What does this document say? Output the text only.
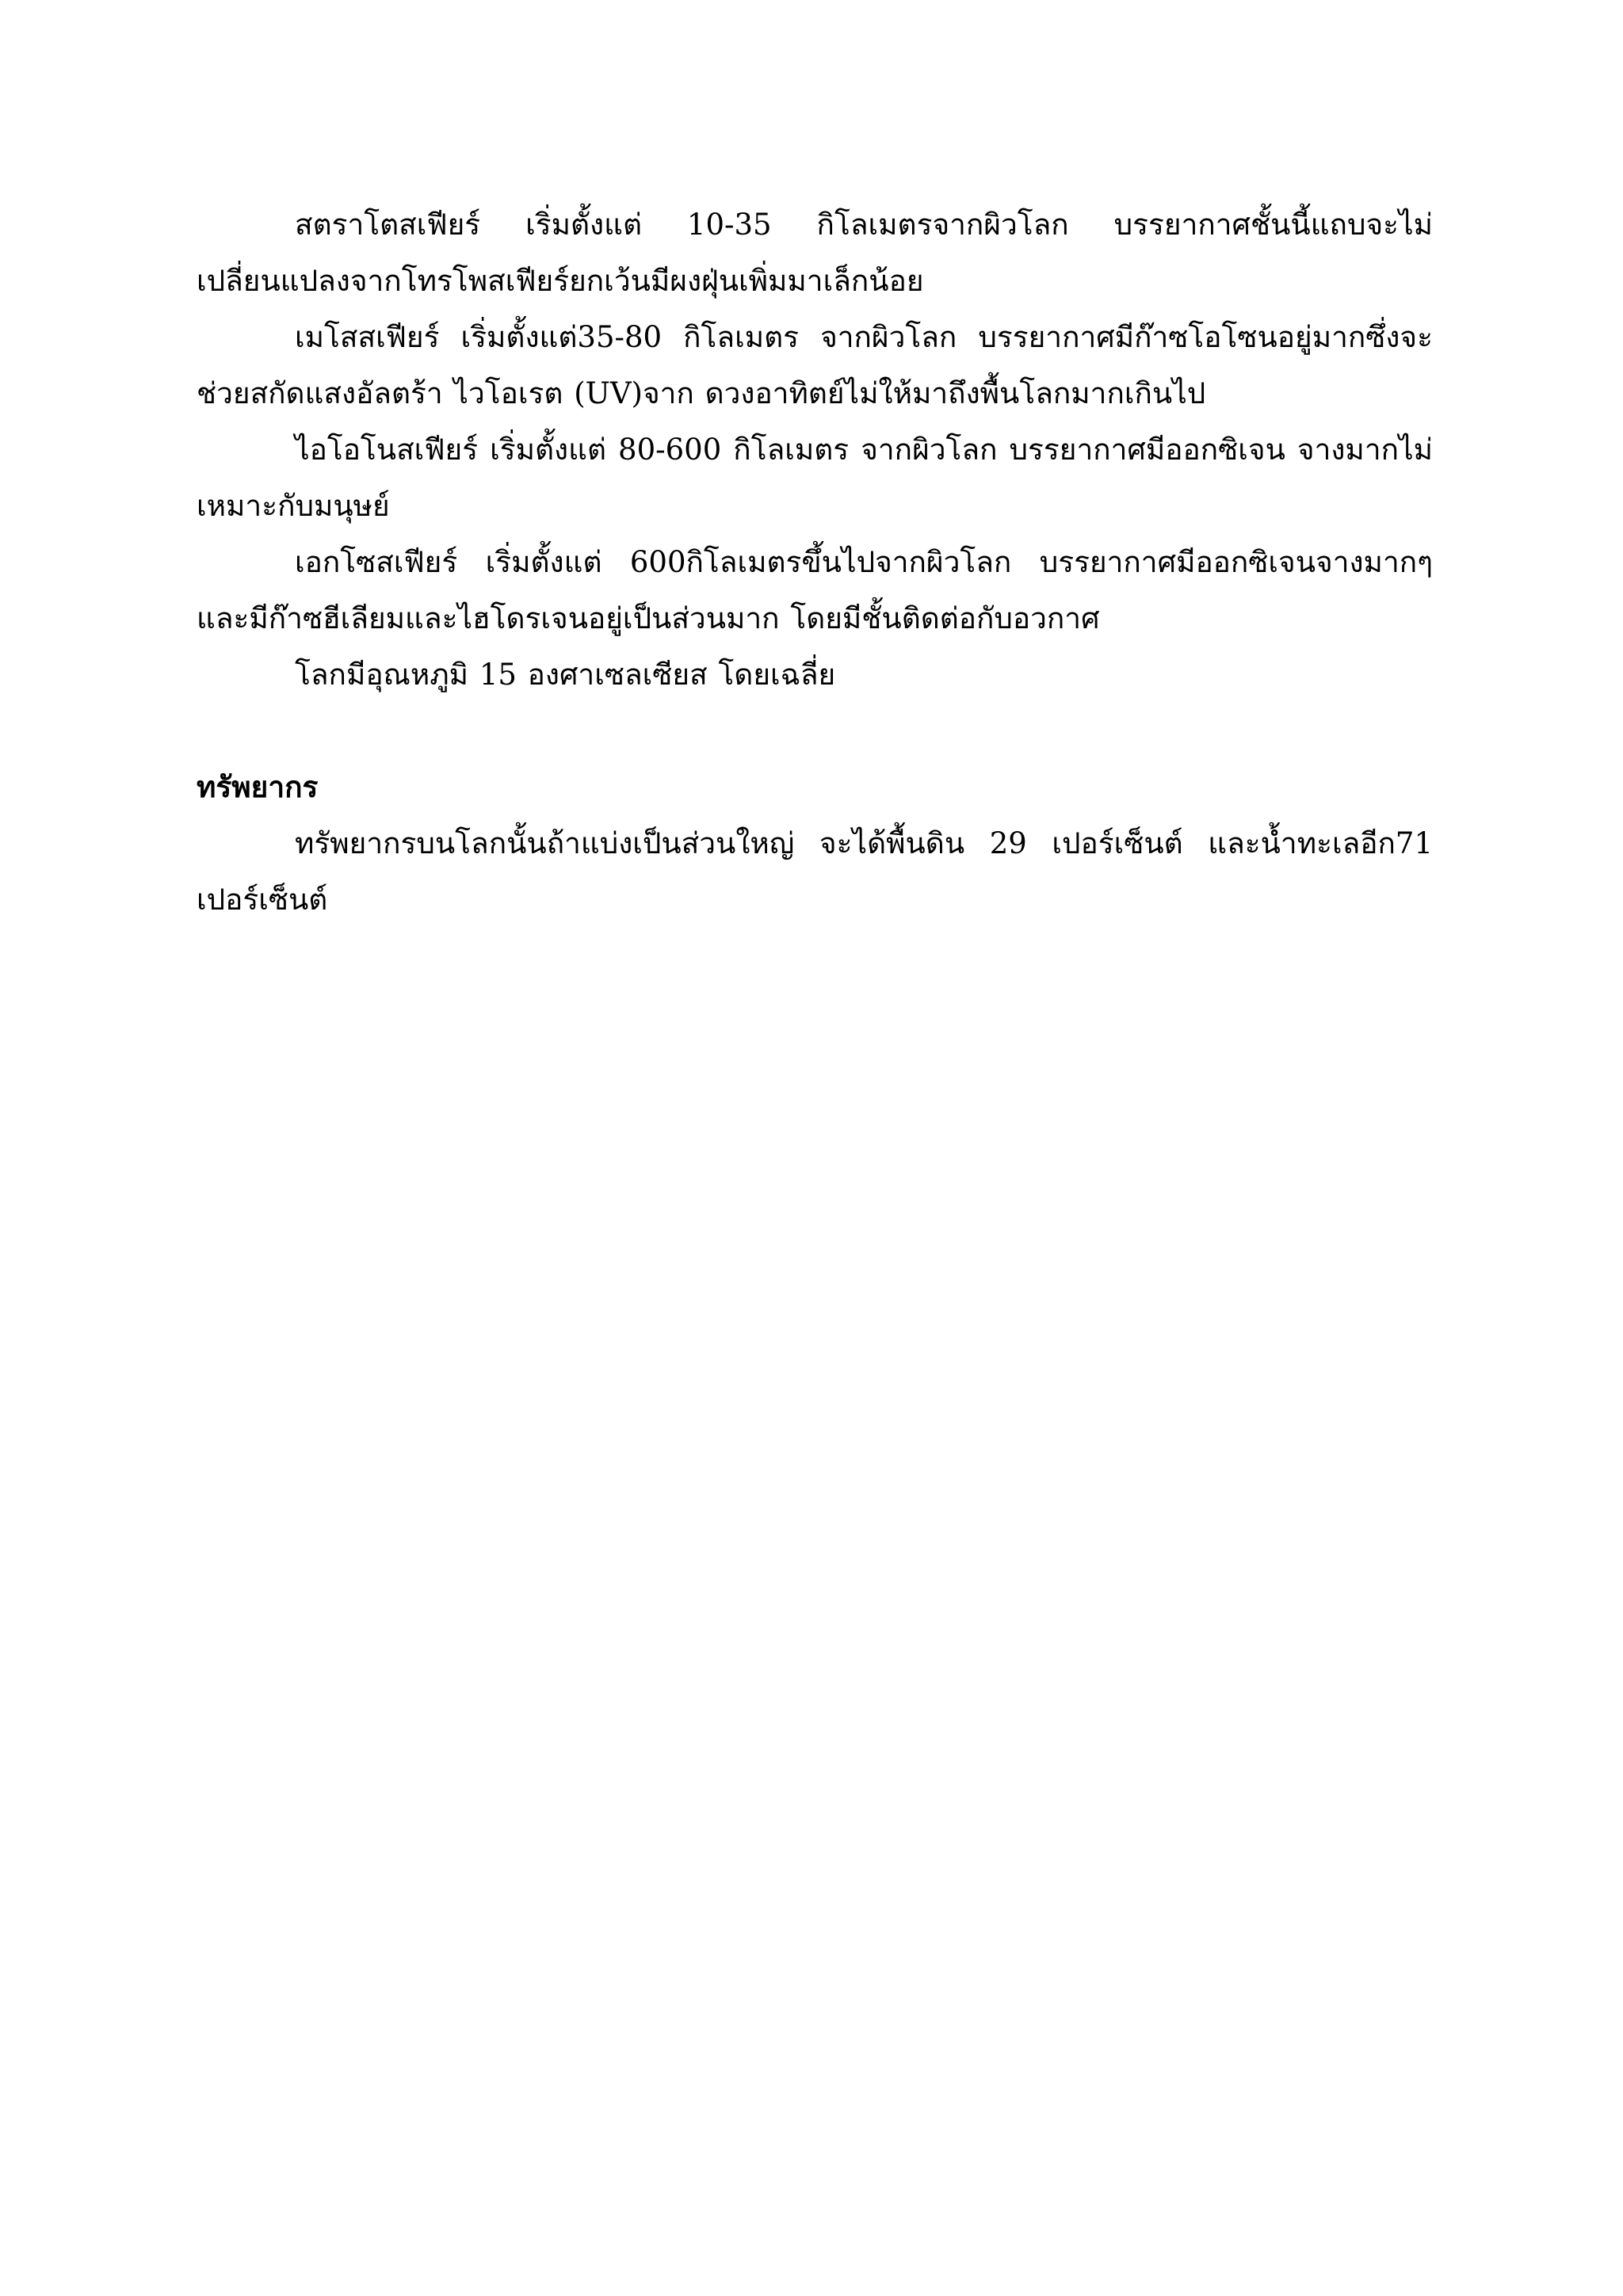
สตราโตสเฟียร์ เริ่มตั้งแต่ 10-35 กิโลเมตรจากผิวโลก บรรยากาศชั้นนี้แถบจะไม่เปลี่ยนแปลงจากโทรโพสเฟียร์ยกเว้นมีผงฝุ่นเพิ่มมาเล็กน้อย

เมโสสเฟียร์ เริ่มตั้งแต่35-80 กิโลเมตร จากผิวโลก บรรยากาศมีก๊าซโอโซนอยู่มากซึ่งจะช่วยสกัดแสงอัลตร้า ไวโอเรต (UV)จาก ดวงอาทิตย์ไม่ให้มาถึงพื้นโลกมากเกินไป

ไอโอโนสเฟียร์ เริ่มตั้งแต่ 80-600 กิโลเมตร จากผิวโลก บรรยากาศมีออกซิเจน จางมากไม่เหมาะกับมนุษย์

เอกโซสเฟียร์ เริ่มตั้งแต่ 600กิโลเมตรขึ้นไปจากผิวโลก บรรยากาศมีออกซิเจนจางมากๆ และมีก๊าซฮีเลียมและไฮโดรเจนอยู่เป็นส่วนมาก โดยมีชั้นติดต่อกับอวกาศ

โลกมีอุณหภูมิ 15 องศาเซลเซียส โดยเฉลี่ย

ทรัพยากร

ทรัพยากรบนโลกนั้นถ้าแบ่งเป็นส่วนใหญ่ จะได้พื้นดิน 29 เปอร์เซ็นต์ และน้ำทะเลอีก71 เปอร์เซ็นต์
